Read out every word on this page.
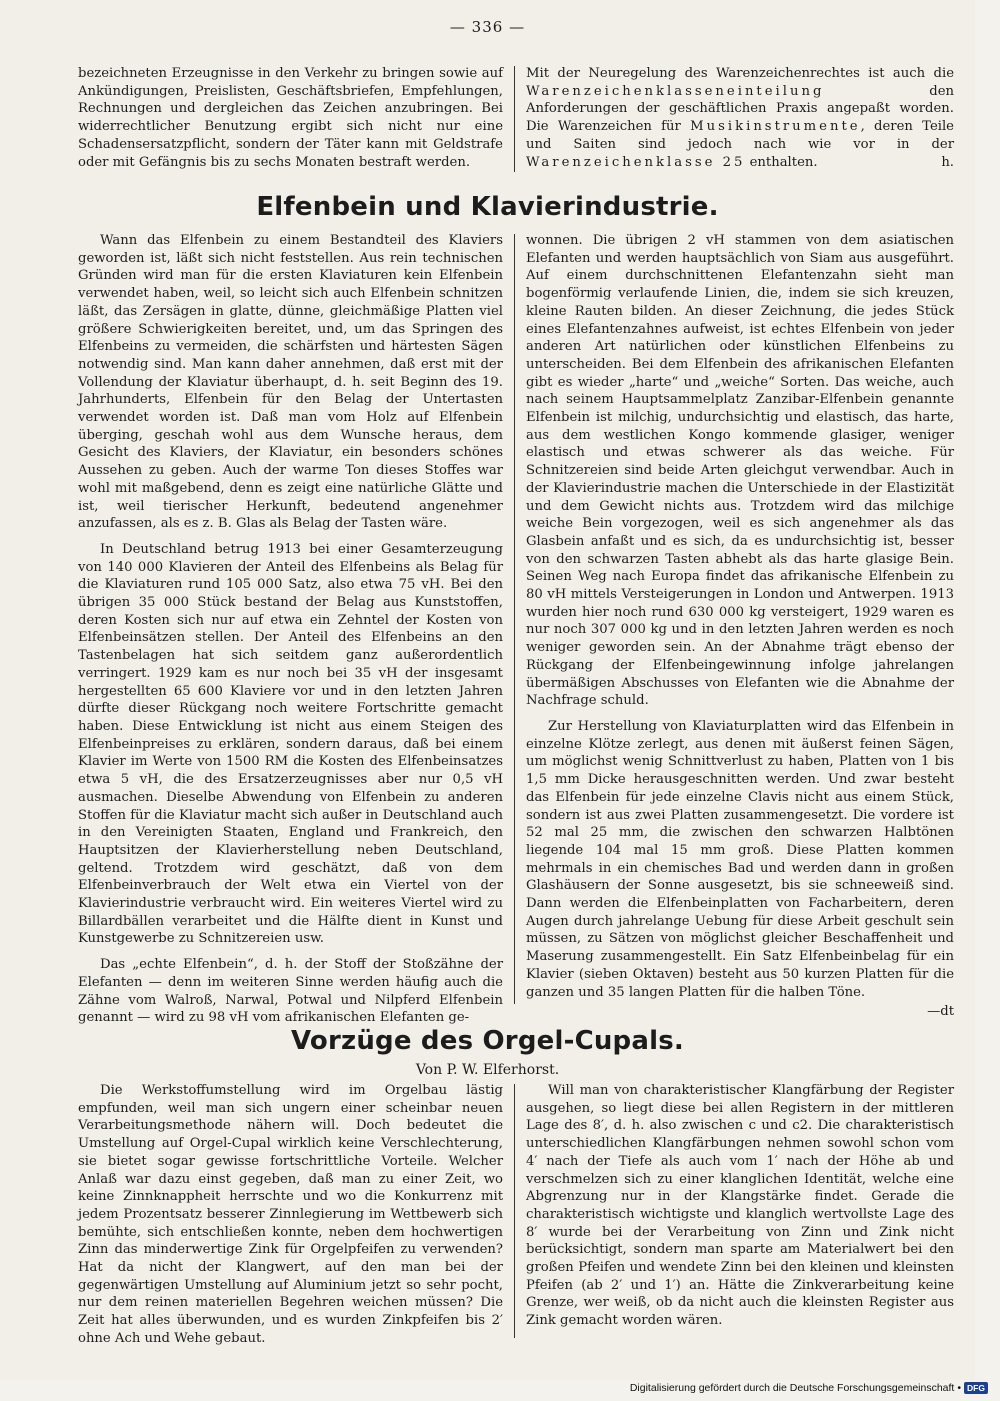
— 336 —

bezeichneten Erzeugnisse in den Verkehr zu bringen sowie auf Ankündigungen, Preislisten, Geschäftsbriefen, Empfehlungen, Rechnungen und dergleichen das Zeichen anzubringen. Bei widerrechtlicher Benutzung ergibt sich nicht nur eine Schadensersatzpflicht, sondern der Täter kann mit Geldstrafe oder mit Gefängnis bis zu sechs Monaten bestraft werden.

Mit der Neuregelung des Warenzeichenrechtes ist auch die Warenzeichenklasseneinteilung	den Anforderungen der geschäftlichen Praxis angepaßt worden. Die Warenzeichen für Musikinstrumente, deren Teile und Saiten sind jedoch nach wie vor in der Warenzeichenklasse 25 enthalten.	h.

Elfenbein und Klavierindustrie.

Wann das Elfenbein zu einem Bestandteil des Klaviers geworden ist, läßt sich nicht feststellen. Aus rein technischen Gründen wird man für die ersten Klaviaturen kein Elfenbein verwendet haben, weil, so leicht sich auch Elfenbein schnitzen läßt, das Zersägen in glatte, dünne, gleichmäßige Platten viel größere Schwierigkeiten bereitet, und, um das Springen des Elfenbeins zu vermeiden, die schärfsten und härtesten Sägen notwendig sind. Man kann daher annehmen, daß erst mit der Vollendung der Klaviatur überhaupt, d. h. seit Beginn des 19. Jahrhunderts, Elfenbein für den Belag der Untertasten verwendet worden ist. Daß man vom Holz auf Elfenbein überging, geschah wohl aus dem Wunsche heraus, dem Gesicht des Klaviers, der Klaviatur, ein besonders schönes Aussehen zu geben. Auch der warme Ton dieses Stoffes war wohl mit maßgebend, denn es zeigt eine natürliche Glätte und ist, weil tierischer Herkunft, bedeutend angenehmer anzufassen, als es z. B. Glas als Belag der Tasten wäre.

In Deutschland betrug 1913 bei einer Gesamterzeugung von 140 000 Klavieren der Anteil des Elfenbeins als Belag für die Klaviaturen rund 105 000 Satz, also etwa 75 vH. Bei den übrigen 35 000 Stück bestand der Belag aus Kunststoffen, deren Kosten sich nur auf etwa ein Zehntel der Kosten von Elfenbeinsätzen stellen. Der Anteil des Elfenbeins an den Tastenbelagen hat sich seitdem ganz außerordentlich verringert. 1929 kam es nur noch bei 35 vH der insgesamt hergestellten 65 600 Klaviere vor und in den letzten Jahren dürfte dieser Rückgang noch weitere Fortschritte gemacht haben. Diese Entwicklung ist nicht aus einem Steigen des Elfenbeinpreises zu erklären, sondern daraus, daß bei einem Klavier im Werte von 1500 RM die Kosten des Elfenbeinsatzes etwa 5 vH, die des Ersatzerzeugnisses aber nur 0,5 vH ausmachen. Dieselbe Abwendung von Elfenbein zu anderen Stoffen für die Klaviatur macht sich außer in Deutschland auch in den Vereinigten Staaten, England und Frankreich, den Hauptsitzen der Klavierherstellung neben Deutschland, geltend. Trotzdem wird geschätzt, daß von dem Elfenbeinverbrauch der Welt etwa ein Viertel von der Klavierindustrie verbraucht wird. Ein weiteres Viertel wird zu Billardbällen verarbeitet und die Hälfte dient in Kunst und Kunstgewerbe zu Schnitzereien usw.

Das „echte Elfenbein“, d. h. der Stoff der Stoßzähne der Elefanten — denn im weiteren Sinne werden häufig auch die Zähne vom Walroß, Narwal, Potwal und Nilpferd Elfenbein genannt — wird zu 98 vH vom afrikanischen Elefanten ge-

wonnen. Die übrigen 2 vH stammen von dem asiatischen Elefanten und werden hauptsächlich von Siam aus ausgeführt. Auf einem durchschnittenen Elefantenzahn sieht man bogenförmig verlaufende Linien, die, indem sie sich kreuzen, kleine Rauten bilden. An dieser Zeichnung, die jedes Stück eines Elefantenzahnes aufweist, ist echtes Elfenbein von jeder anderen Art natürlichen oder künstlichen Elfenbeins zu unterscheiden. Bei dem Elfenbein des afrikanischen Elefanten gibt es wieder „harte“ und „weiche“ Sorten. Das weiche, auch nach seinem Hauptsammelplatz Zanzibar-Elfenbein genannte Elfenbein ist milchig, undurchsichtig und elastisch, das harte, aus dem westlichen Kongo kommende glasiger, weniger elastisch und etwas schwerer als das weiche. Für Schnitzereien sind beide Arten gleichgut verwendbar. Auch in der Klavierindustrie machen die Unterschiede in der Elastizität und dem Gewicht nichts aus. Trotzdem wird das milchige weiche Bein vorgezogen, weil es sich angenehmer als das Glasbein anfaßt und es sich, da es undurchsichtig ist, besser von den schwarzen Tasten abhebt als das harte glasige Bein. Seinen Weg nach Europa findet das afrikanische Elfenbein zu 80 vH mittels Versteigerungen in London und Antwerpen. 1913 wurden hier noch rund 630 000 kg versteigert, 1929 waren es nur noch 307 000 kg und in den letzten Jahren werden es noch weniger geworden sein. An der Abnahme trägt ebenso der Rückgang der Elfenbeingewinnung infolge jahrelangen übermäßigen Abschusses von Elefanten wie die Abnahme der Nachfrage schuld.

Zur Herstellung von Klaviaturplatten wird das Elfenbein in einzelne Klötze zerlegt, aus denen mit äußerst feinen Sägen, um möglichst wenig Schnittverlust zu haben, Platten von 1 bis 1,5 mm Dicke herausgeschnitten werden. Und zwar besteht das Elfenbein für jede einzelne Clavis nicht aus einem Stück, sondern ist aus zwei Platten zusammengesetzt. Die vordere ist 52 mal 25 mm, die zwischen den schwarzen Halbtönen liegende 104 mal 15 mm groß. Diese Platten kommen mehrmals in ein chemisches Bad und werden dann in großen Glashäusern der Sonne ausgesetzt, bis sie schneeweiß sind. Dann werden die Elfenbeinplatten von Facharbeitern, deren Augen durch jahrelange Uebung für diese Arbeit geschult sein müssen, zu Sätzen von möglichst gleicher Beschaffenheit und Maserung zusammengestellt. Ein Satz Elfenbeinbelag für ein Klavier (sieben Oktaven) besteht aus 50 kurzen Platten für die ganzen und 35 langen Platten für die halben Töne.

—dt

Vorzüge des Orgel-Cupals.
Von P. W. Elferhorst.

Die Werkstoffumstellung wird im Orgelbau lästig empfunden, weil man sich ungern einer scheinbar neuen Verarbeitungsmethode nähern will. Doch bedeutet die Umstellung auf Orgel-Cupal wirklich keine Verschlechterung, sie bietet sogar gewisse fortschrittliche Vorteile. Welcher Anlaß war dazu einst gegeben, daß man zu einer Zeit, wo keine Zinnknappheit herrschte und wo die Konkurrenz mit jedem Prozentsatz besserer Zinnlegierung im Wettbewerb sich bemühte, sich entschließen konnte, neben dem hochwertigen Zinn das minderwertige Zink für Orgelpfeifen zu verwenden? Hat da nicht der Klangwert, auf den man bei der gegenwärtigen Umstellung auf Aluminium jetzt so sehr pocht, nur dem reinen materiellen Begehren weichen müssen? Die Zeit hat alles überwunden, und es wurden Zinkpfeifen bis 2′ ohne Ach und Wehe gebaut.

Will man von charakteristischer Klangfärbung der Register ausgehen, so liegt diese bei allen Registern in der mittleren Lage des 8′, d. h. also zwischen c und c2. Die charakteristisch unterschiedlichen Klangfärbungen nehmen sowohl schon vom 4′ nach der Tiefe als auch vom 1′ nach der Höhe ab und verschmelzen sich zu einer klanglichen Identität, welche eine Abgrenzung nur in der Klangstärke findet. Gerade die charakteristisch wichtigste und klanglich wertvollste Lage des 8′ wurde bei der Verarbeitung von Zinn und Zink nicht berücksichtigt, sondern man sparte am Materialwert bei den großen Pfeifen und wendete Zinn bei den kleinen und kleinsten Pfeifen (ab 2′ und 1′) an. Hätte die Zinkverarbeitung keine Grenze, wer weiß, ob da nicht auch die kleinsten Register aus Zink gemacht worden wären.

Digitalisierung gefördert durch die Deutsche Forschungsgemeinschaft • DFG
